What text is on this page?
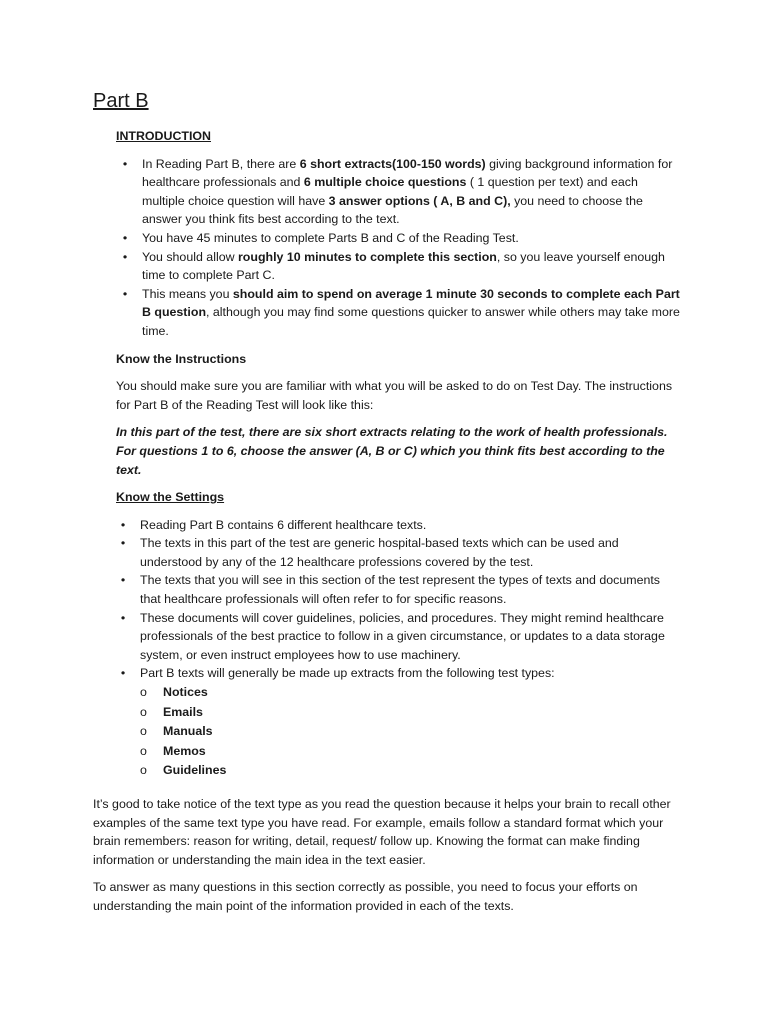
Part B
INTRODUCTION
• In Reading Part B, there are 6 short extracts(100-150 words) giving background information for healthcare professionals and 6 multiple choice questions ( 1 question per text) and each multiple choice question will have 3 answer options ( A, B and C), you need to choose the answer you think fits best according to the text.
• You have 45 minutes to complete Parts B and C of the Reading Test.
• You should allow roughly 10 minutes to complete this section, so you leave yourself enough time to complete Part C.
• This means you should aim to spend on average 1 minute 30 seconds to complete each Part B question, although you may find some questions quicker to answer while others may take more time.
Know the Instructions

You should make sure you are familiar with what you will be asked to do on Test Day. The instructions for Part B of the Reading Test will look like this:

In this part of the test, there are six short extracts relating to the work of health professionals. For questions 1 to 6, choose the answer (A, B or C) which you think fits best according to the text.

Know the Settings
• Reading Part B contains 6 different healthcare texts.
• The texts in this part of the test are generic hospital-based texts which can be used and understood by any of the 12 healthcare professions covered by the test.
• The texts that you will see in this section of the test represent the types of texts and documents that healthcare professionals will often refer to for specific reasons.
• These documents will cover guidelines, policies, and procedures. They might remind healthcare professionals of the best practice to follow in a given circumstance, or updates to a data storage system, or even instruct employees how to use machinery.
• Part B texts will generally be made up extracts from the following test types:
o Notices
o Emails
o Manuals
o Memos
o Guidelines

It’s good to take notice of the text type as you read the question because it helps your brain to recall other examples of the same text type you have read. For example, emails follow a standard format which your brain remembers: reason for writing, detail, request/ follow up. Knowing the format can make finding information or understanding the main idea in the text easier.

To answer as many questions in this section correctly as possible, you need to focus your efforts on understanding the main point of the information provided in each of the texts.
